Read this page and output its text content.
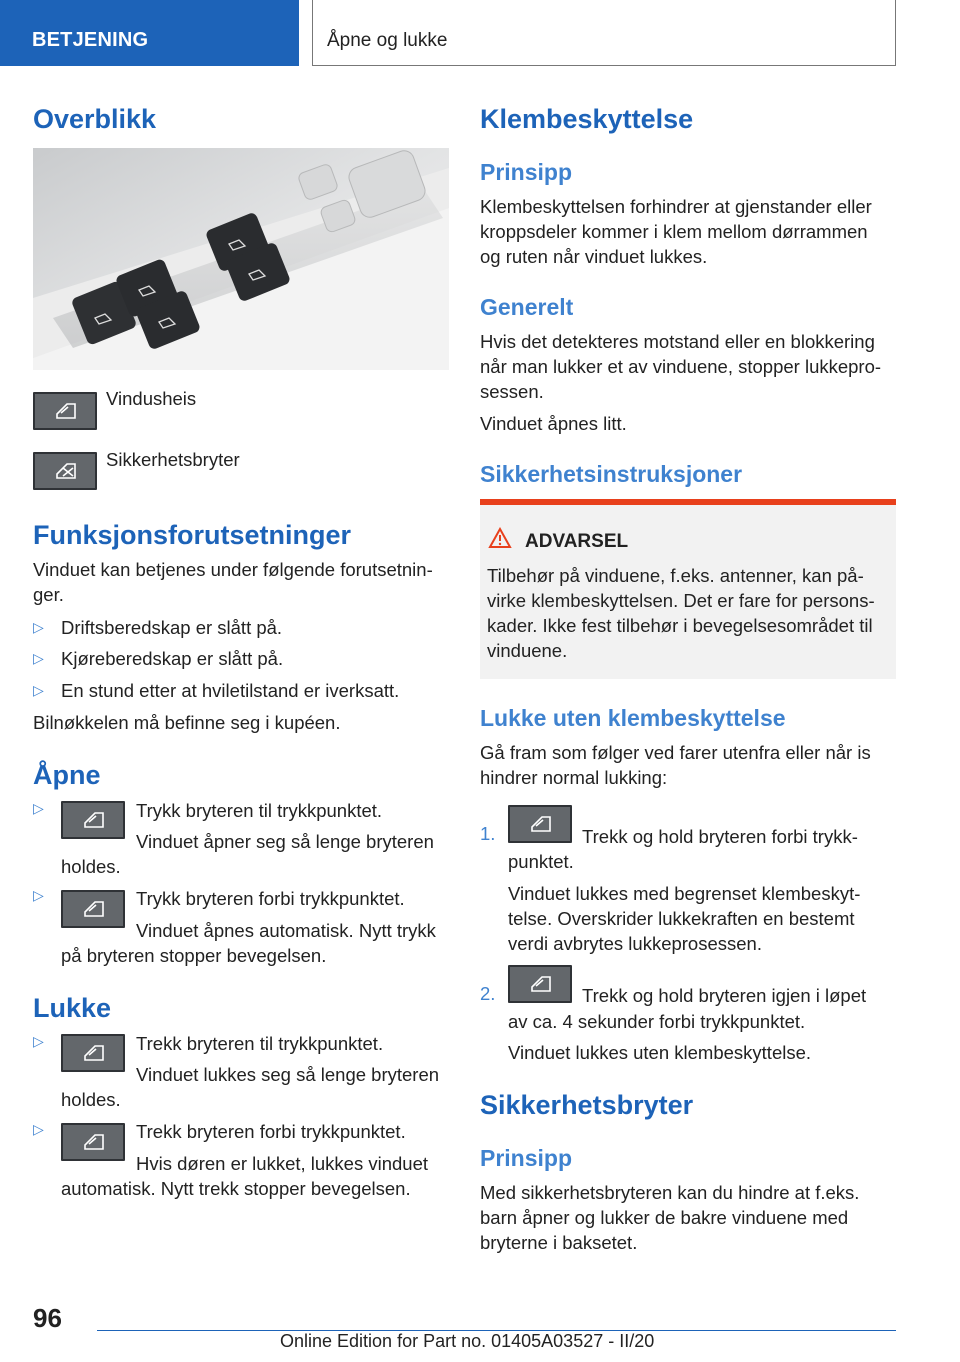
BETJENING	Åpne og lukke
Overblikk
Vindusheis
Sikkerhetsbryter
Funksjonsforutsetninger
Vinduet kan betjenes under følgende forutsetnin-
ger.
▷ Driftsberedskap er slått på.
▷ Kjøreberedskap er slått på.
▷ En stund etter at hviletilstand er iverksatt.
Bilnøkkelen må befinne seg i kupéen.
Åpne
▷	Trykk bryteren til trykkpunktet.
Vinduet åpner seg så lenge bryteren
holdes.
▷	Trykk bryteren forbi trykkpunktet.
Vinduet åpnes automatisk. Nytt trykk
på bryteren stopper bevegelsen.
Lukke
▷	Trekk bryteren til trykkpunktet.
Vinduet lukkes seg så lenge bryteren
holdes.
▷	Trekk bryteren forbi trykkpunktet.
Hvis døren er lukket, lukkes vinduet
automatisk. Nytt trekk stopper bevegelsen.
Klembeskyttelse
Prinsipp
Klembeskyttelsen forhindrer at gjenstander eller
kroppsdeler kommer i klem mellom dørrammen
og ruten når vinduet lukkes.
Generelt
Hvis det detekteres motstand eller en blokkering
når man lukker et av vinduene, stopper lukkepro-
sessen.
Vinduet åpnes litt.
Sikkerhetsinstruksjoner
ADVARSEL
Tilbehør på vinduene, f.eks. antenner, kan på-
virke klembeskyttelsen. Det er fare for persons-
kader. Ikke fest tilbehør i bevegelsesområdet til
vinduene.
Lukke uten klembeskyttelse
Gå fram som følger ved farer utenfra eller når is
hindrer normal lukking:
1.	Trekk og hold bryteren forbi trykk-
punktet.
Vinduet lukkes med begrenset klembeskyt-
telse. Overskrider lukkekraften en bestemt
verdi avbrytes lukkeprosessen.
2.	Trekk og hold bryteren igjen i løpet
av ca. 4 sekunder forbi trykkpunktet.
Vinduet lukkes uten klembeskyttelse.
Sikkerhetsbryter
Prinsipp
Med sikkerhetsbryteren kan du hindre at f.eks.
barn åpner og lukker de bakre vinduene med
bryterne i baksetet.
96
Online Edition for Part no. 01405A03527 - II/20
